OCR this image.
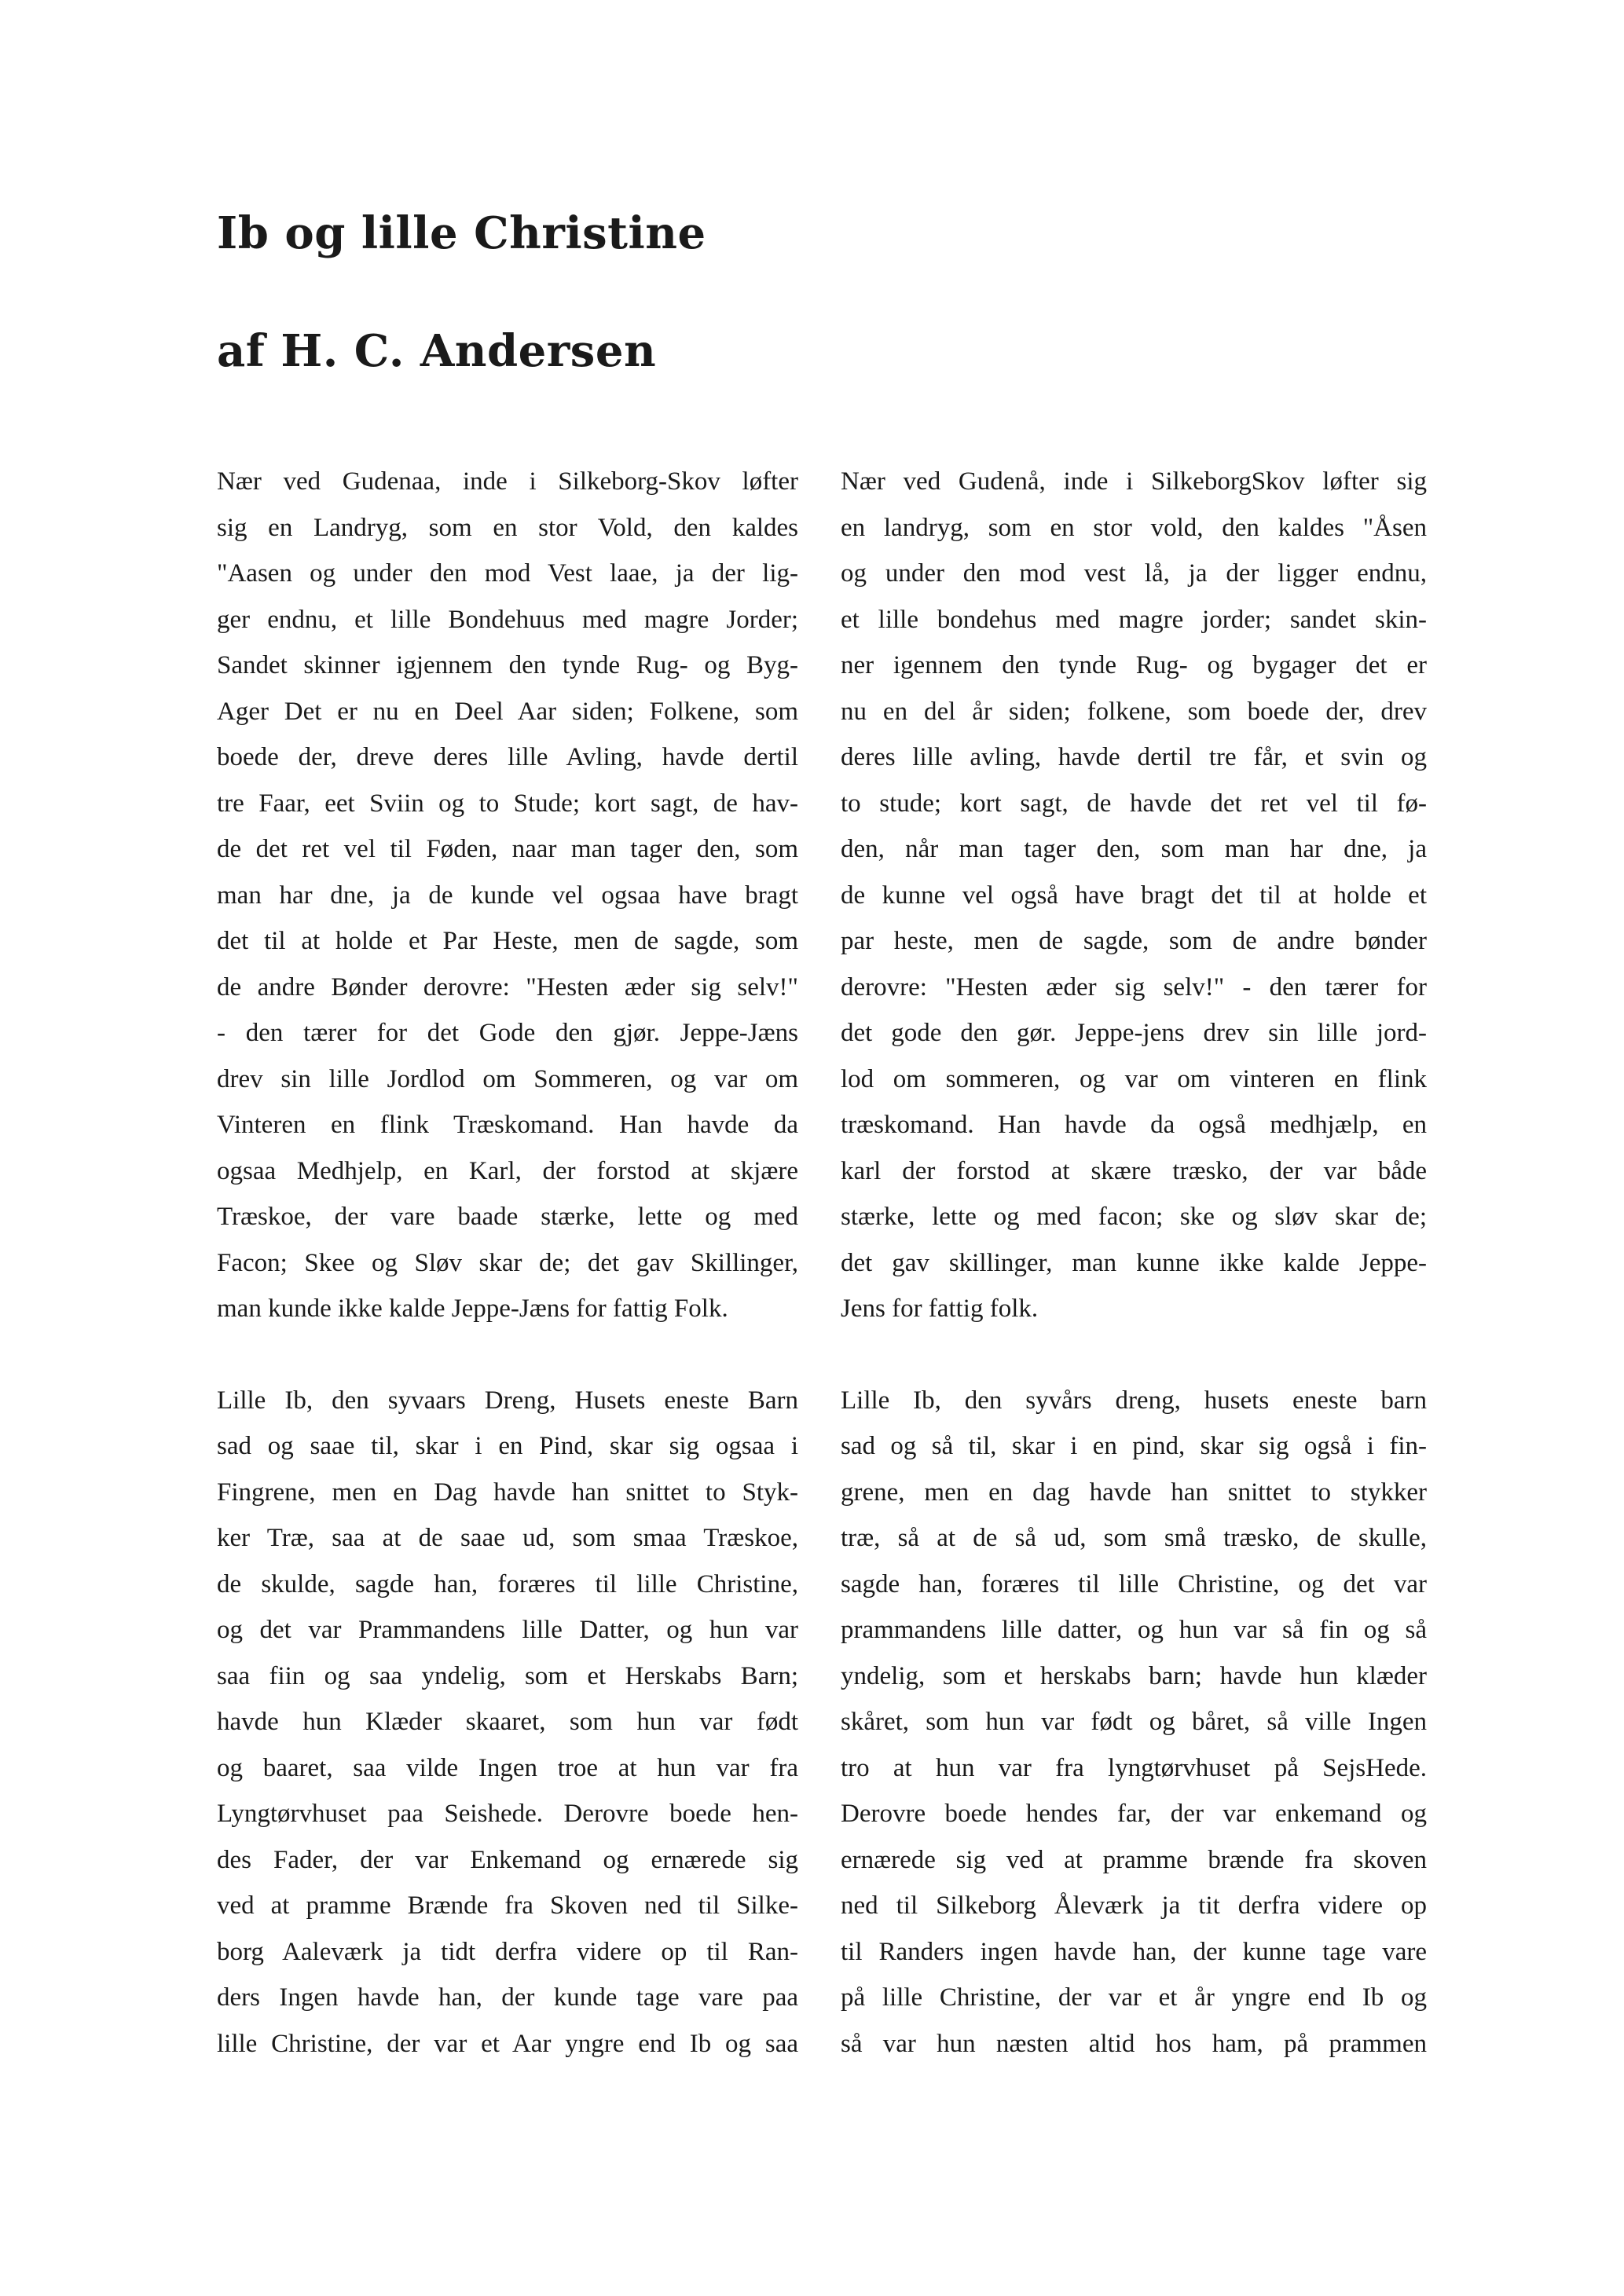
Ib og lille Christine
af H. C. Andersen
Nær ved Gudenaa, inde i Silkeborg-Skov løfter
sig en Landryg, som en stor Vold, den kaldes
"Aasen og under den mod Vest laae, ja der lig-
ger endnu, et lille Bondehuus med magre Jorder;
Sandet skinner igjennem den tynde Rug- og Byg-
Ager Det er nu en Deel Aar siden; Folkene, som
boede der, dreve deres lille Avling, havde dertil
tre Faar, eet Sviin og to Stude; kort sagt, de hav-
de det ret vel til Føden, naar man tager den, som
man har dne, ja de kunde vel ogsaa have bragt
det til at holde et Par Heste, men de sagde, som
de andre Bønder derovre: "Hesten æder sig selv!"
- den tærer for det Gode den gjør. Jeppe-Jæns
drev sin lille Jordlod om Sommeren, og var om
Vinteren en flink Træskomand. Han havde da
ogsaa Medhjelp, en Karl, der forstod at skjære
Træskoe, der vare baade stærke, lette og med
Facon; Skee og Sløv skar de; det gav Skillinger,
man kunde ikke kalde Jeppe-Jæns for fattig Folk.
Lille Ib, den syvaars Dreng, Husets eneste Barn
sad og saae til, skar i en Pind, skar sig ogsaa i
Fingrene, men en Dag havde han snittet to Styk-
ker Træ, saa at de saae ud, som smaa Træskoe,
de skulde, sagde han, foræres til lille Christine,
og det var Prammandens lille Datter, og hun var
saa fiin og saa yndelig, som et Herskabs Barn;
havde hun Klæder skaaret, som hun var født
og baaret, saa vilde Ingen troe at hun var fra
Lyngtørvhuset paa Seishede. Derovre boede hen-
des Fader, der var Enkemand og ernærede sig
ved at pramme Brænde fra Skoven ned til Silke-
borg Aaleværk ja tidt derfra videre op til Ran-
ders Ingen havde han, der kunde tage vare paa
lille Christine, der var et Aar yngre end Ib og saa
Nær ved Gudenå, inde i SilkeborgSkov løfter sig
en landryg, som en stor vold, den kaldes "Åsen
og under den mod vest lå, ja der ligger endnu,
et lille bondehus med magre jorder; sandet skin-
ner igennem den tynde Rug- og bygager det er
nu en del år siden; folkene, som boede der, drev
deres lille avling, havde dertil tre får, et svin og
to stude; kort sagt, de havde det ret vel til fø-
den, når man tager den, som man har dne, ja
de kunne vel også have bragt det til at holde et
par heste, men de sagde, som de andre bønder
derovre: "Hesten æder sig selv!" - den tærer for
det gode den gør. Jeppe-jens drev sin lille jord-
lod om sommeren, og var om vinteren en flink
træskomand. Han havde da også medhjælp, en
karl der forstod at skære træsko, der var både
stærke, lette og med facon; ske og sløv skar de;
det gav skillinger, man kunne ikke kalde Jeppe-
Jens for fattig folk.
Lille Ib, den syvårs dreng, husets eneste barn
sad og så til, skar i en pind, skar sig også i fin-
grene, men en dag havde han snittet to stykker
træ, så at de så ud, som små træsko, de skulle,
sagde han, foræres til lille Christine, og det var
prammandens lille datter, og hun var så fin og så
yndelig, som et herskabs barn; havde hun klæder
skåret, som hun var født og båret, så ville Ingen
tro at hun var fra lyngtørvhuset på SejsHede.
Derovre boede hendes far, der var enkemand og
ernærede sig ved at pramme brænde fra skoven
ned til Silkeborg Åleværk ja tit derfra videre op
til Randers ingen havde han, der kunne tage vare
på lille Christine, der var et år yngre end Ib og
så var hun næsten altid hos ham, på prammen
